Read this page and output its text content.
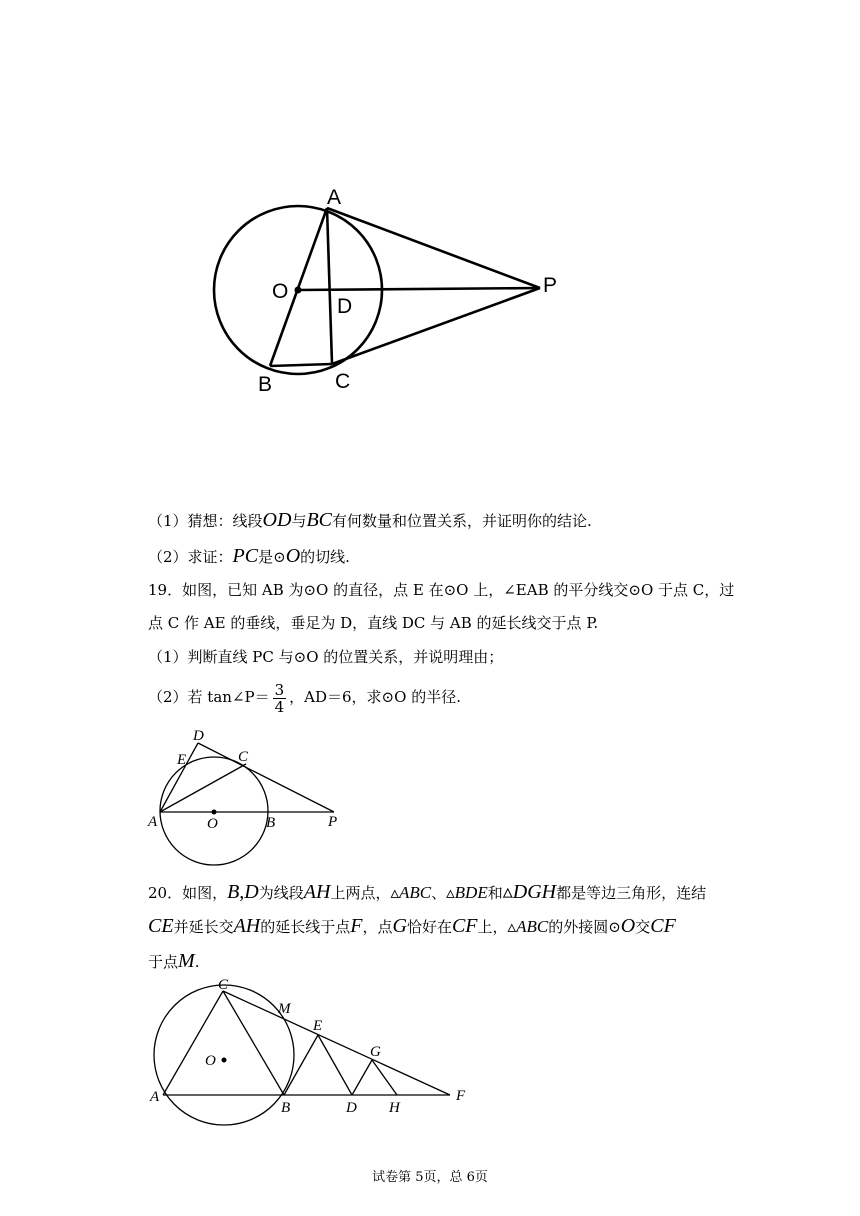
A
O
D
P
B	C
（1）猜想：线段OD与BC有何数量和位置关系，并证明你的结论.
（2）求证：PC是⊙O的切线.
19．如图，已知 AB 为⊙O 的直径，点 E 在⊙O 上，∠EAB 的平分线交⊙O 于点 C，过
点 C 作 AE 的垂线，垂足为 D，直线 DC 与 AB 的延长线交于点 P.
（1）判断直线 PC 与⊙O 的位置关系，并说明理由；
（2）若 tan∠P＝ $\frac{3}{4}$ ，AD＝6，求⊙O 的半径.
D
E	C
A	O	B	P
20．如图，B,D为线段AH上两点，▵ABC、▵BDE和▵DGH都是等边三角形，连结
CE并延长交AH的延长线于点F，点G恰好在CF上，▵ABC的外接圆⊙O交CF
于点M.
C
M
E
G
O
A
B	D H
F
试卷第 5页，总 6页
